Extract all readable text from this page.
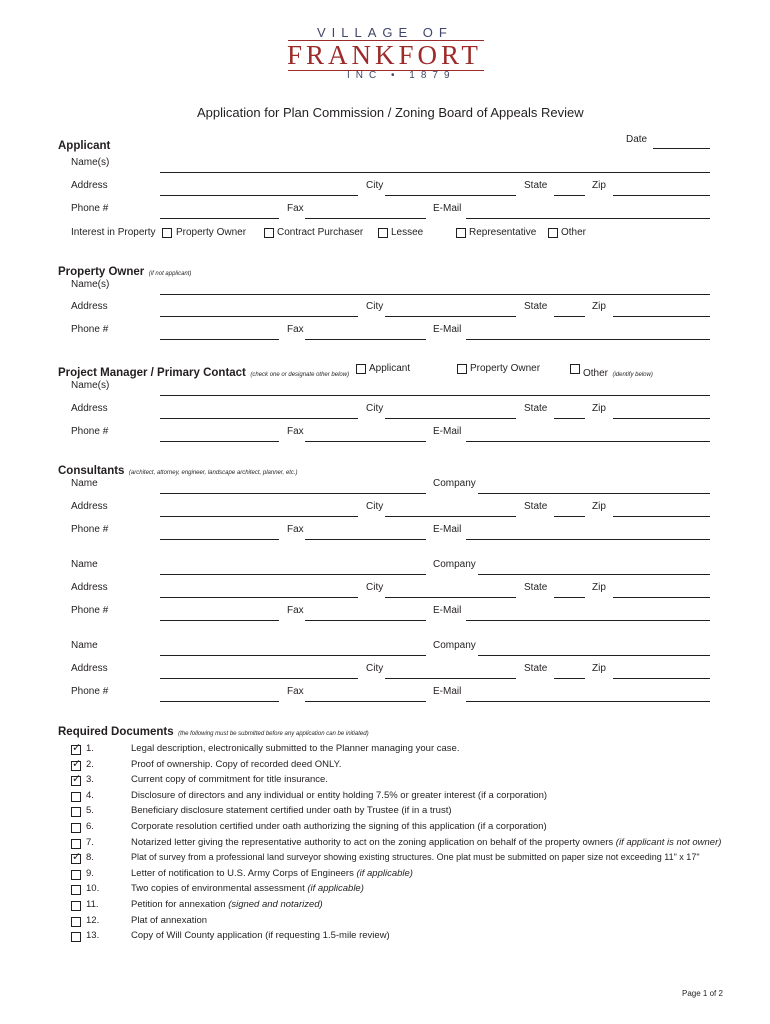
VILLAGE OF
FRANKFORT
INC • 1879
Application for Plan Commission / Zoning Board of Appeals Review
Date
Applicant
Name(s)
Address	City	State	Zip
Phone #	Fax	E-Mail
Interest in Property Property Owner	Contract Purchaser	Lessee	Representative Other
Property Owner (if not applicant)
Name(s)
Address	City	State	Zip
Phone #	Fax	E-Mail
Project Manager / Primary Contact (check one or designate other below)
Applicant	Property Owner	Other (identify below)
Name(s)
Address	City	State	Zip
Phone #	Fax	E-Mail
Consultants (architect, attorney, engineer, landscape architect, planner, etc.)
Name	Company
Address	City	State	Zip
Phone #	Fax	E-Mail
Name	Company
Address	City	State	Zip
Phone #	Fax	E-Mail
Name	Company
Address	City	State	Zip
Phone #	Fax	E-Mail
Required Documents (the following must be submitted before any application can be initiated)
✓ 1.	Legal description, electronically submitted to the Planner managing your case.
✓ 2.	Proof of ownership. Copy of recorded deed ONLY.
✓ 3.	Current copy of commitment for title insurance.
4.	Disclosure of directors and any individual or entity holding 7.5% or greater interest (if a corporation)
5.	Beneficiary disclosure statement certified under oath by Trustee (if in a trust)
6.	Corporate resolution certified under oath authorizing the signing of this application (if a corporation)
7.	Notarized letter giving the representative authority to act on the zoning application on behalf of the property owners (if applicant is not owner)
✓ 8.	Plat of survey from a professional land surveyor showing existing structures. One plat must be submitted on paper size not exceeding 11" x 17"
9.	Letter of notification to U.S. Army Corps of Engineers (if applicable)
10.	Two copies of environmental assessment (if applicable)
11.	Petition for annexation (signed and notarized)
12.	Plat of annexation
13.	Copy of Will County application (if requesting 1.5-mile review)
Page 1 of 2
